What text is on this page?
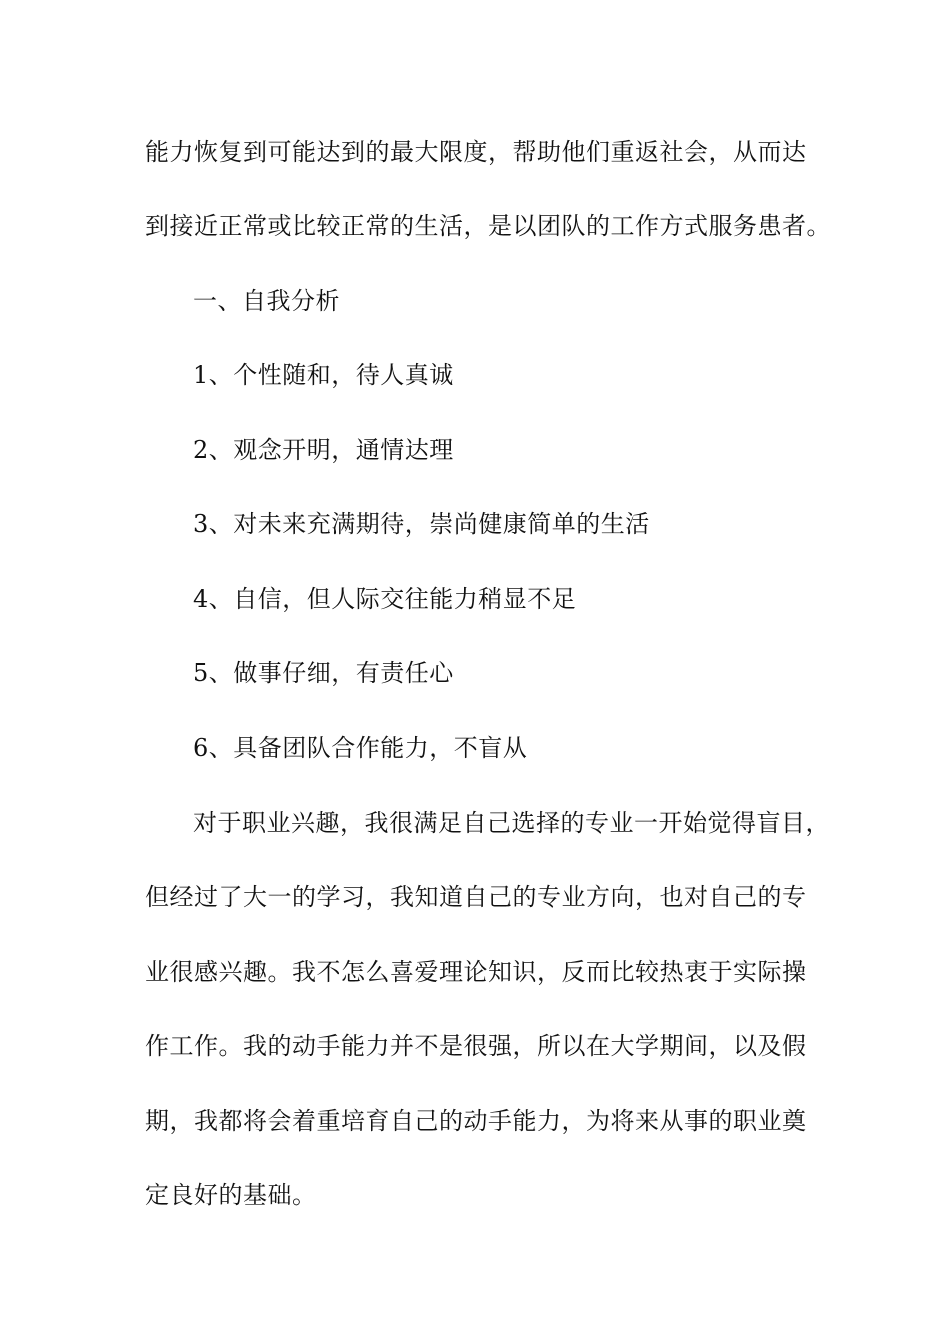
能力恢复到可能达到的最大限度，帮助他们重返社会，从而达
到接近正常或比较正常的生活，是以团队的工作方式服务患者。
一、自我分析
1、个性随和，待人真诚
2、观念开明，通情达理
3、对未来充满期待，崇尚健康简单的生活
4、自信，但人际交往能力稍显不足
5、做事仔细，有责任心
6、具备团队合作能力，不盲从
对于职业兴趣，我很满足自己选择的专业一开始觉得盲目，
但经过了大一的学习，我知道自己的专业方向，也对自己的专
业很感兴趣。我不怎么喜爱理论知识，反而比较热衷于实际操
作工作。我的动手能力并不是很强，所以在大学期间，以及假
期，我都将会着重培育自己的动手能力，为将来从事的职业奠
定良好的基础。
